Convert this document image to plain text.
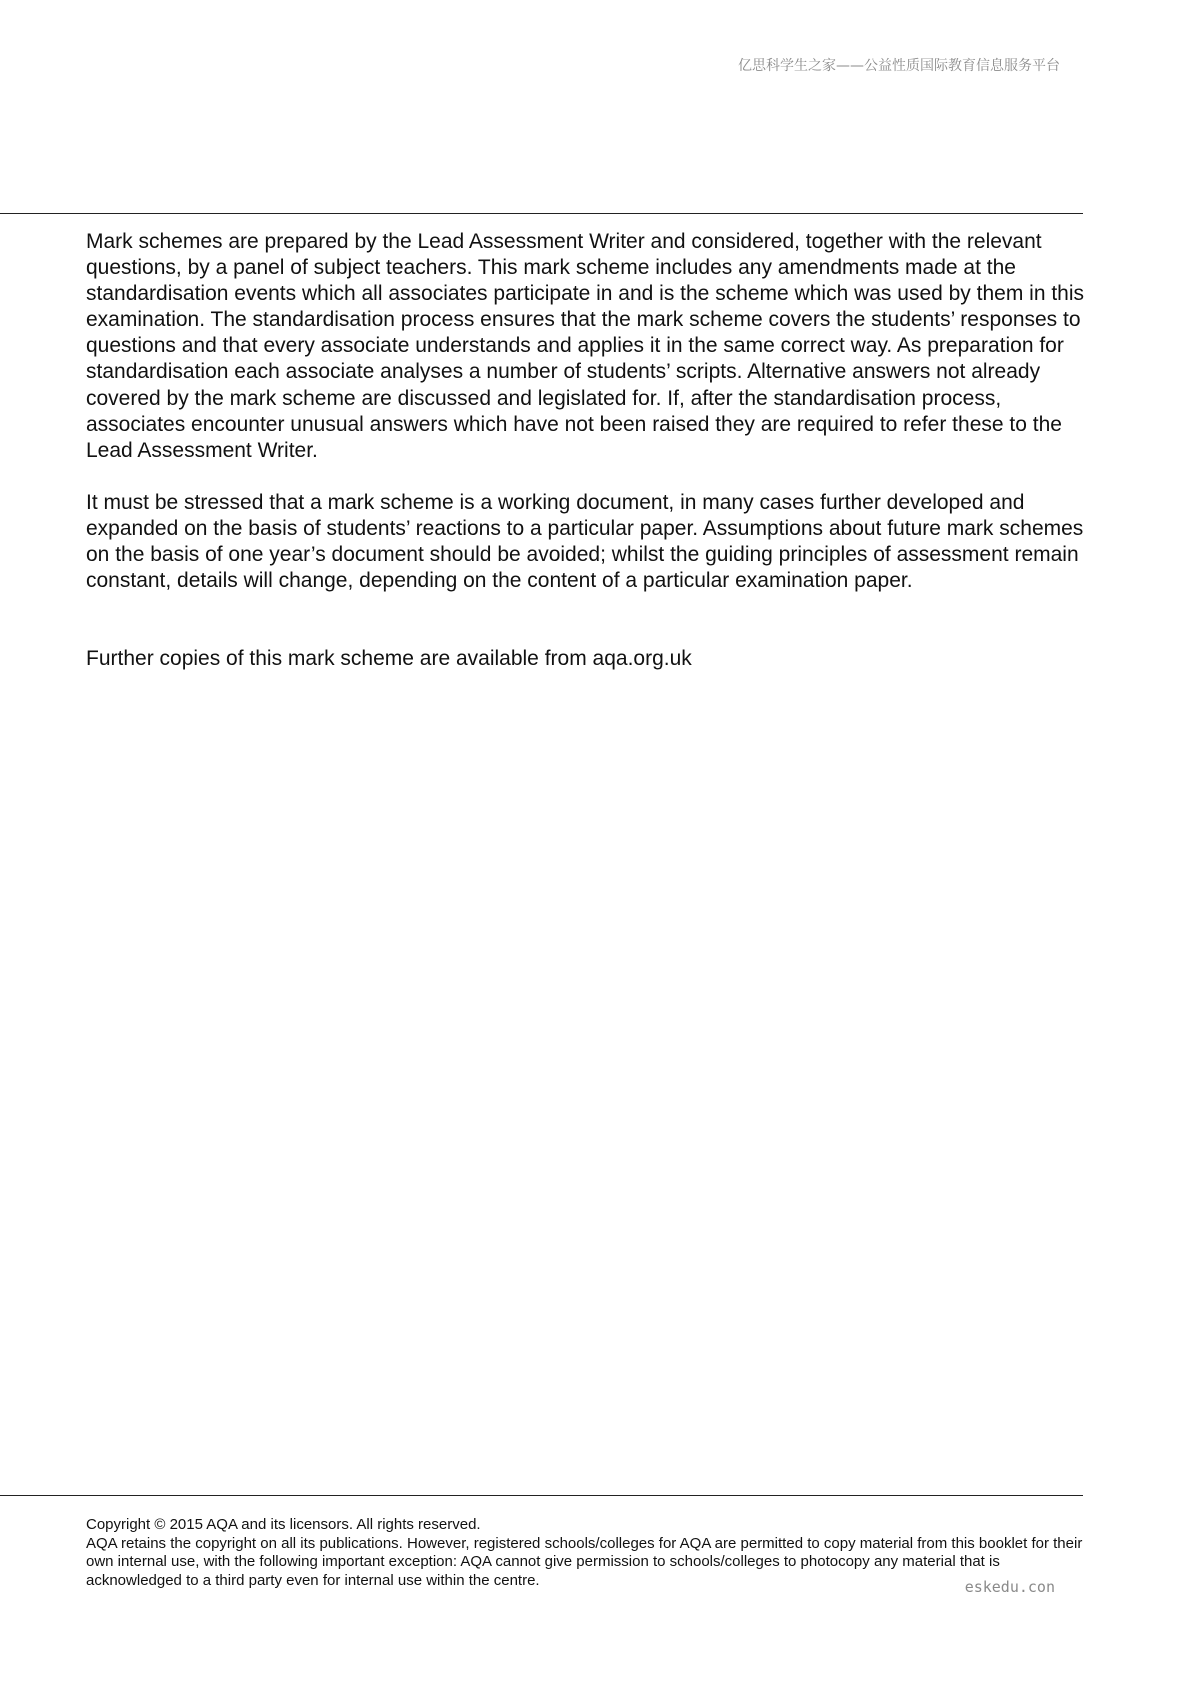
亿思科学生之家——公益性质国际教育信息服务平台

Mark schemes are prepared by the Lead Assessment Writer and considered, together with the relevant questions, by a panel of subject teachers. This mark scheme includes any amendments made at the standardisation events which all associates participate in and is the scheme which was used by them in this examination. The standardisation process ensures that the mark scheme covers the students’ responses to questions and that every associate understands and applies it in the same correct way. As preparation for standardisation each associate analyses a number of students’ scripts. Alternative answers not already covered by the mark scheme are discussed and legislated for. If, after the standardisation process, associates encounter unusual answers which have not been raised they are required to refer these to the Lead Assessment Writer.

It must be stressed that a mark scheme is a working document, in many cases further developed and expanded on the basis of students’ reactions to a particular paper. Assumptions about future mark schemes on the basis of one year’s document should be avoided; whilst the guiding principles of assessment remain constant, details will change, depending on the content of a particular examination paper.

Further copies of this mark scheme are available from aqa.org.uk

Copyright © 2015 AQA and its licensors. All rights reserved.
AQA retains the copyright on all its publications. However, registered schools/colleges for AQA are permitted to copy material from this booklet for their own internal use, with the following important exception: AQA cannot give permission to schools/colleges to photocopy any material that is acknowledged to a third party even for internal use within the centre.	eskedu.con
